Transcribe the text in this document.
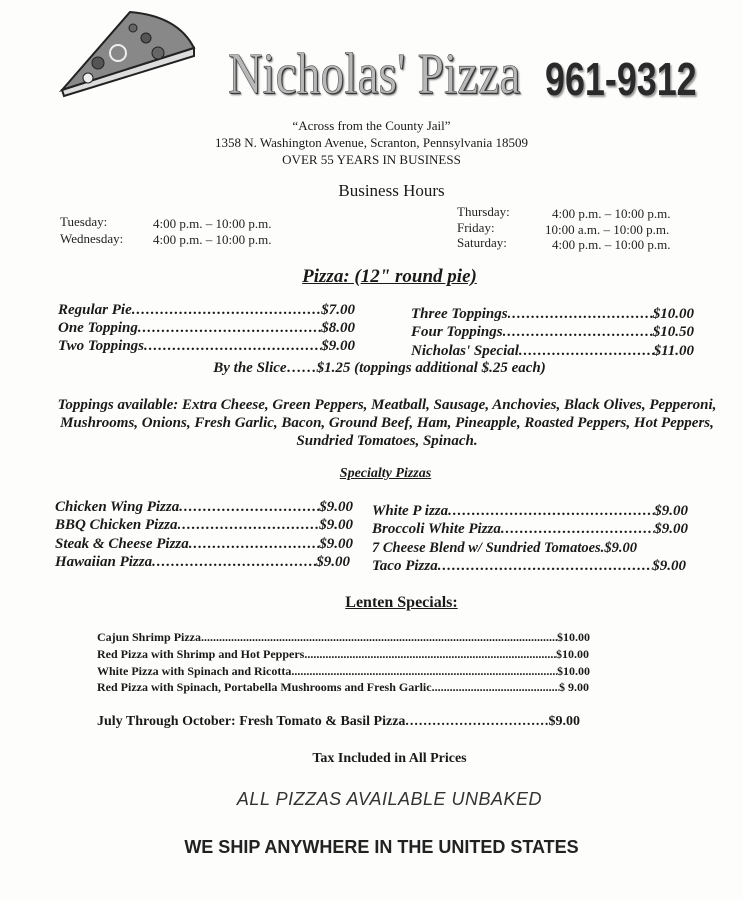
Nicholas' Pizza 961-9312
“Across from the County Jail”
1358 N. Washington Avenue, Scranton, Pennsylvania 18509
OVER 55 YEARS IN BUSINESS
Business Hours
Tuesday:	4:00 p.m. – 10:00 p.m.
Wednesday: 4:00 p.m. – 10:00 p.m.
Thursday:	4:00 p.m. – 10:00 p.m.
Friday:	10:00 a.m. – 10:00 p.m.
Saturday:	4:00 p.m. – 10:00 p.m.
Pizza: (12" round pie)
Regular Pie .....	$7.00
One Topping .....	$8.00
Two Toppings .....	$9.00
Three Toppings .....	$10.00
Four Toppings .....	$10.50
Nicholas' Special .....	$11.00
By the Slice……$1.25 (toppings additional $.25 each)
Toppings available: Extra Cheese, Green Peppers, Meatball, Sausage, Anchovies, Black Olives, Pepperoni, Mushrooms, Onions, Fresh Garlic, Bacon, Ground Beef, Ham, Pineapple, Roasted Peppers, Hot Peppers, Sundried Tomatoes, Spinach.
Specialty Pizzas
Chicken Wing Pizza .....	$9.00
BBQ Chicken Pizza .....	$9.00
Steak & Cheese Pizza .....	$9.00
Hawaiian Pizza .....	$9.00
White P izza .....	$9.00
Broccoli White Pizza .....	$9.00
7 Cheese Blend w/ Sundried Tomatoes. $9.00
Taco Pizza .....	$9.00
Lenten Specials:
Cajun Shrimp Pizza .....	$10.00
Red Pizza with Shrimp and Hot Peppers .....	$10.00
White Pizza with Spinach and Ricotta .....	$10.00
Red Pizza with Spinach, Portabella Mushrooms and Fresh Garlic .....	$ 9.00
July Through October: Fresh Tomato & Basil Pizza .....	$9.00
Tax Included in All Prices
ALL PIZZAS AVAILABLE UNBAKED
WE SHIP ANYWHERE IN THE UNITED STATES
